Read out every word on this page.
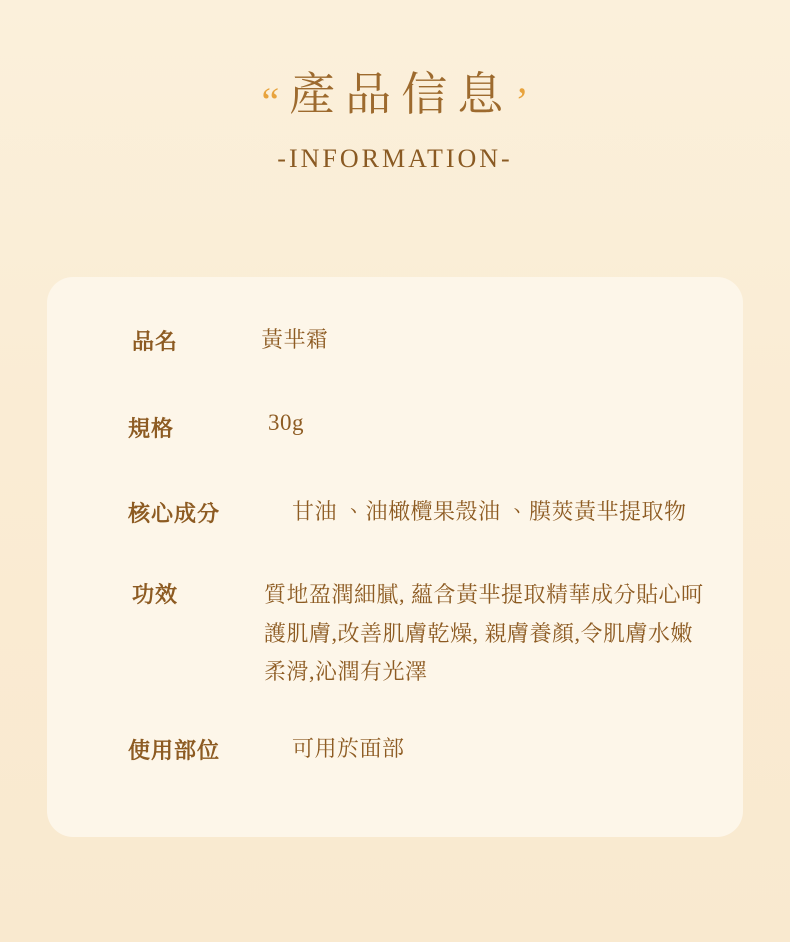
“ 產品信息 ’
-INFORMATION-
品名	黃芈霜
規格	30g
核心成分	甘油 、油橄欖果殼油 、膜莢黃芈提取物
功效	質地盈潤細膩, 蘊含黃芈提取精華成分貼心呵護肌膚,改善肌膚乾燥, 親膚養顏,令肌膚水嫩柔滑,沁潤有光澤
使用部位	可用於面部
